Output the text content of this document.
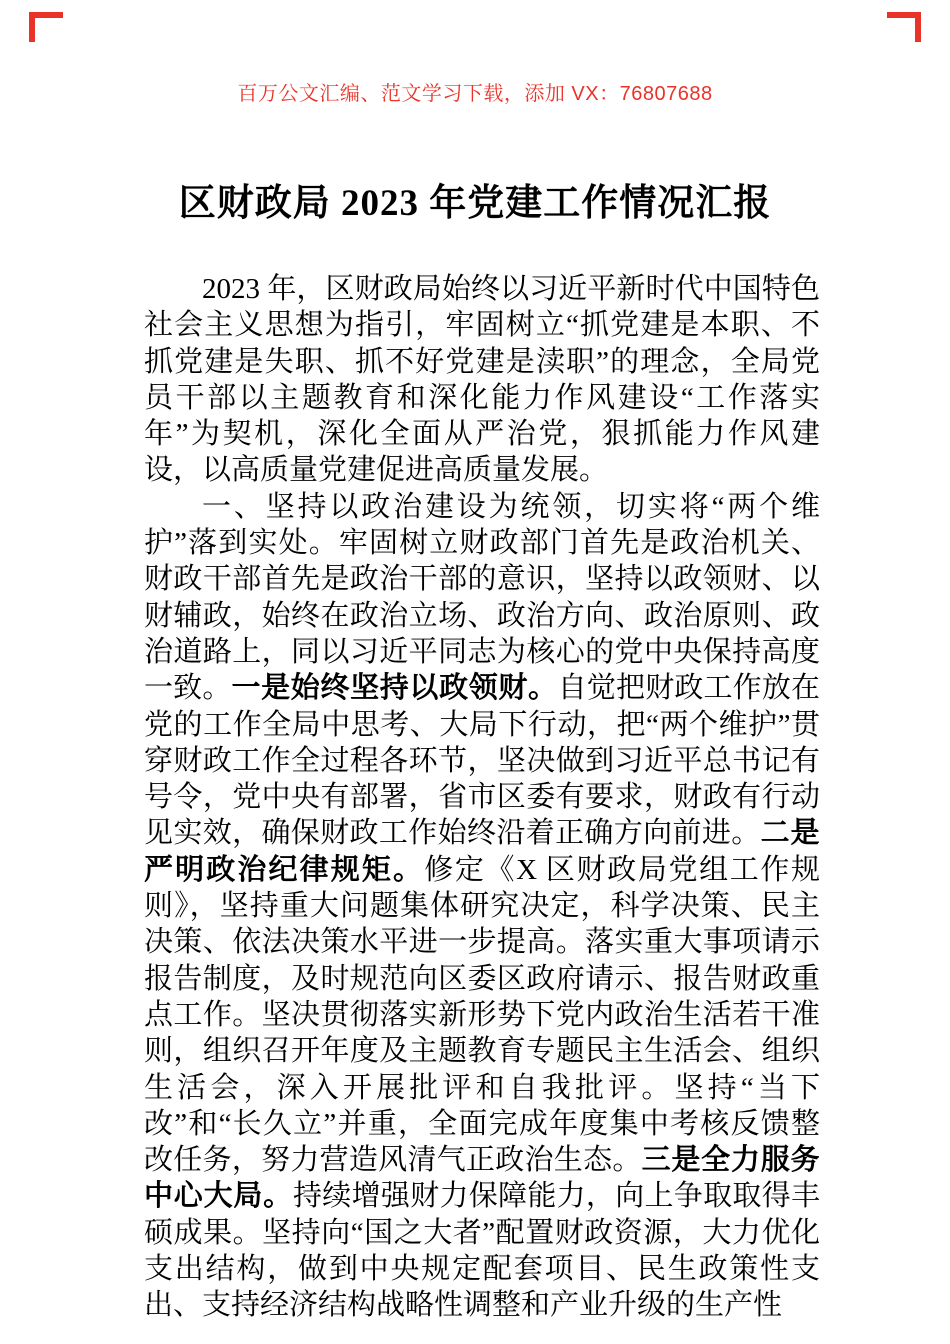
百万公文汇编、范文学习下载，添加 VX：76807688
区财政局 2023 年党建工作情况汇报

2023 年，区财政局始终以习近平新时代中国特色社会主义思想为指引，牢固树立“抓党建是本职、不抓党建是失职、抓不好党建是渎职”的理念，全局党员干部以主题教育和深化能力作风建设“工作落实年”为契机，深化全面从严治党，狠抓能力作风建设，以高质量党建促进高质量发展。

一、坚持以政治建设为统领，切实将“两个维护”落到实处。牢固树立财政部门首先是政治机关、财政干部首先是政治干部的意识，坚持以政领财、以财辅政，始终在政治立场、政治方向、政治原则、政治道路上，同以习近平同志为核心的党中央保持高度一致。一是始终坚持以政领财。自觉把财政工作放在党的工作全局中思考、大局下行动，把“两个维护”贯穿财政工作全过程各环节，坚决做到习近平总书记有号令，党中央有部署，省市区委有要求，财政有行动见实效，确保财政工作始终沿着正确方向前进。二是严明政治纪律规矩。修定《X 区财政局党组工作规则》，坚持重大问题集体研究决定，科学决策、民主决策、依法决策水平进一步提高。落实重大事项请示报告制度，及时规范向区委区政府请示、报告财政重点工作。坚决贯彻落实新形势下党内政治生活若干准则，组织召开年度及主题教育专题民主生活会、组织生活会，深入开展批评和自我批评。坚持“当下改”和“长久立”并重，全面完成年度集中考核反馈整改任务，努力营造风清气正政治生态。三是全力服务中心大局。持续增强财力保障能力，向上争取取得丰硕成果。坚持向“国之大者”配置财政资源，大力优化支出结构，做到中央规定配套项目、民生政策性支出、支持经济结构战略性调整和产业升级的生产性
